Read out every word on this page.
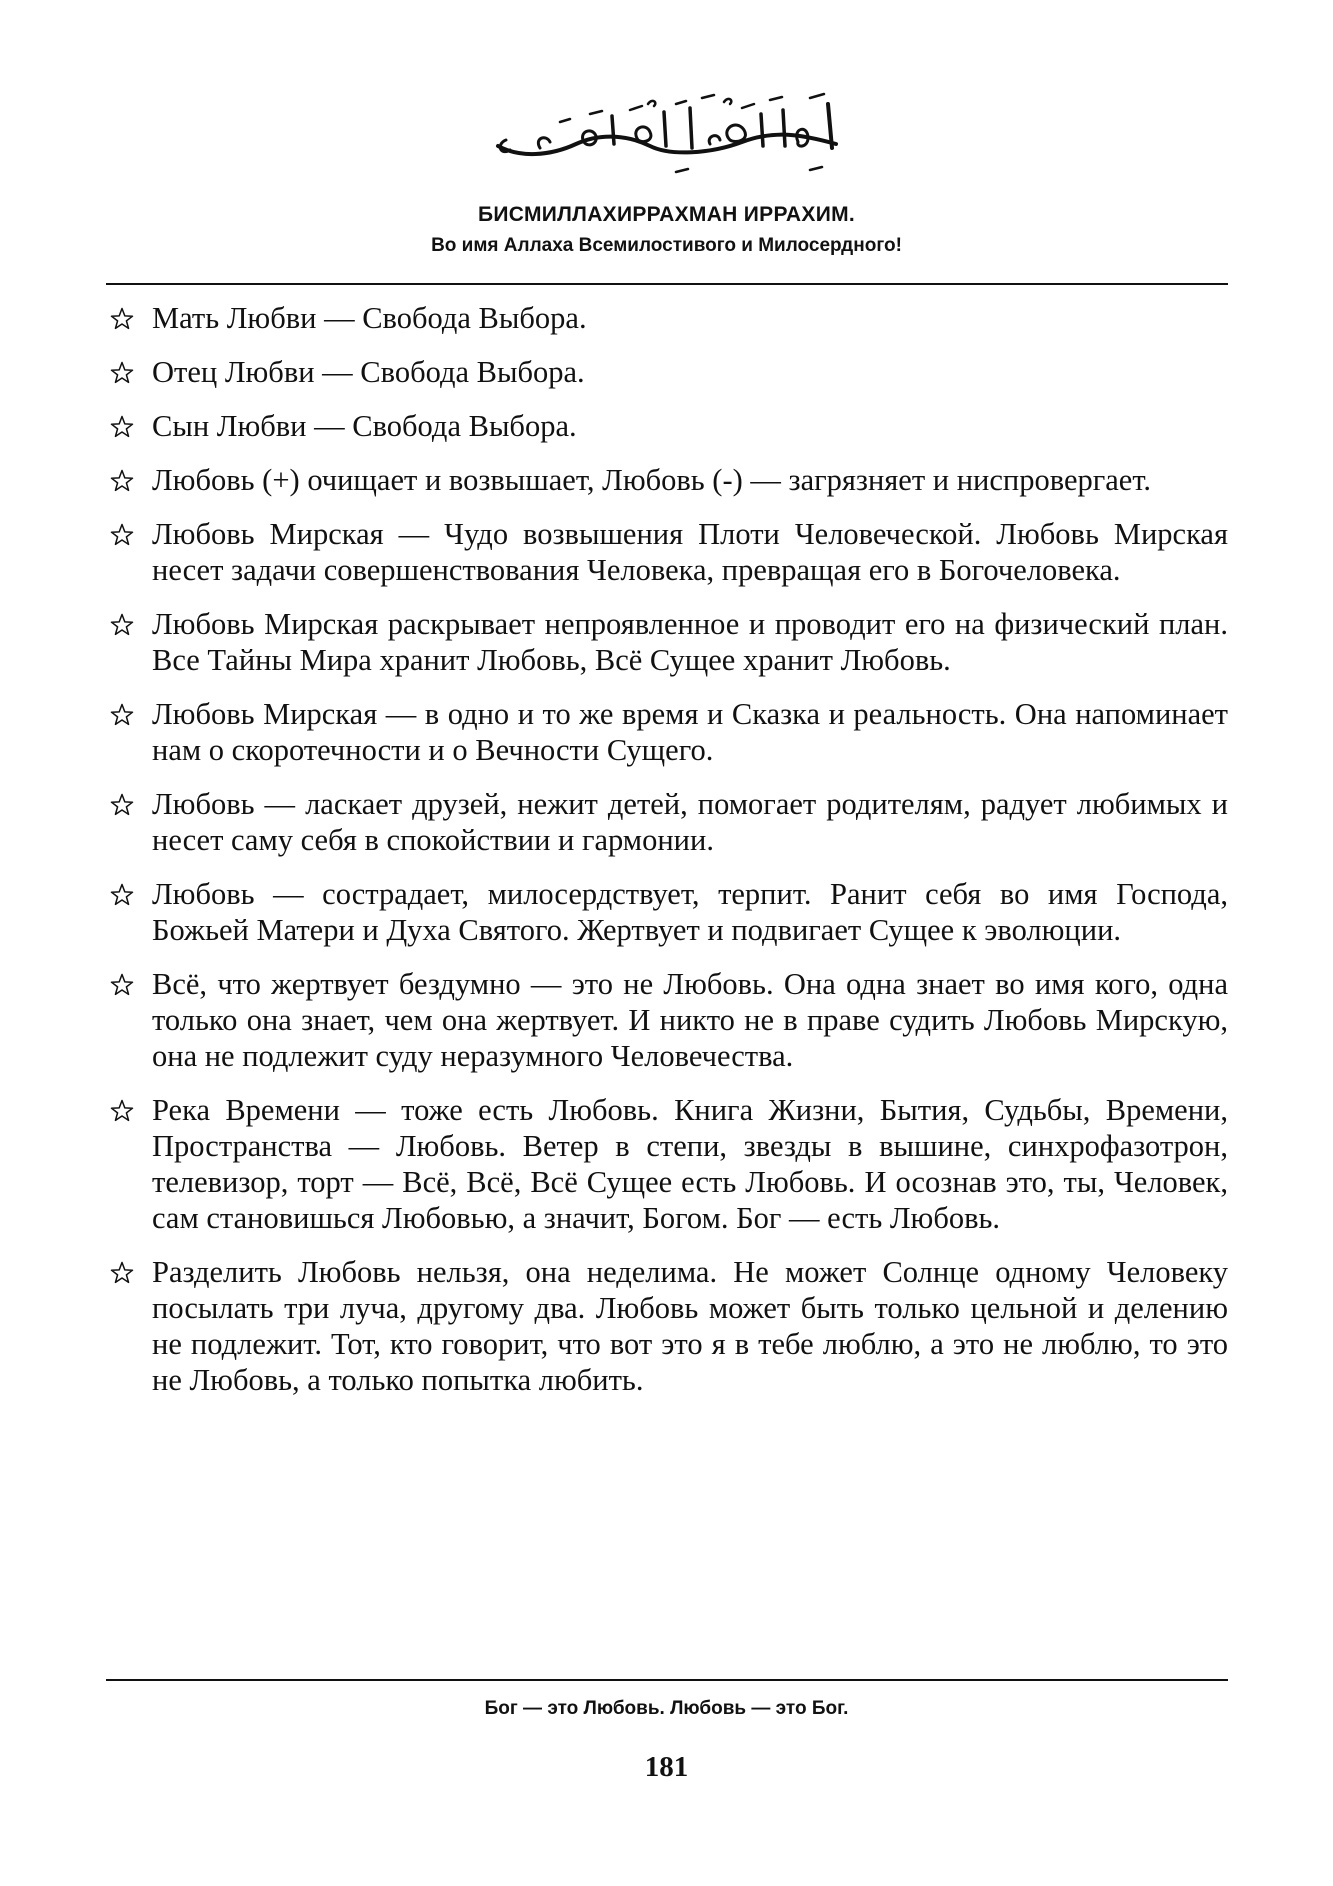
БИСМИЛЛАХИРРАХМАН ИРРАХИМ.
Во имя Аллаха Всемилостивого и Милосердного!
Мать Любви — Свобода Выбора.
Отец Любви — Свобода Выбора.
Сын Любви — Свобода Выбора.
Любовь (+) очищает и возвышает, Любовь (-) — загрязняет и ниспровергает.
Любовь Мирская — Чудо возвышения Плоти Человеческой. Любовь Мирская несет задачи совершенствования Человека, превращая его в Богочеловека.
Любовь Мирская раскрывает непроявленное и проводит его на физический план. Все Тайны Мира хранит Любовь, Всё Сущее хранит Любовь.
Любовь Мирская — в одно и то же время и Сказка и реальность. Она напоминает нам о скоротечности и о Вечности Сущего.
Любовь — ласкает друзей, нежит детей, помогает родителям, радует любимых и несет саму себя в спокойствии и гармонии.
Любовь — сострадает, милосердствует, терпит. Ранит себя во имя Господа, Божьей Матери и Духа Святого. Жертвует и подвигает Сущее к эволюции.
Всё, что жертвует бездумно — это не Любовь. Она одна знает во имя кого, одна только она знает, чем она жертвует. И никто не в праве судить Любовь Мирскую, она не подлежит суду неразумного Человечества.
Река Времени — тоже есть Любовь. Книга Жизни, Бытия, Судьбы, Времени, Пространства — Любовь. Ветер в степи, звезды в вышине, синхрофазотрон, телевизор, торт — Всё, Всё, Всё Сущее есть Любовь. И осознав это, ты, Человек, сам становишься Любовью, а значит, Богом. Бог — есть Любовь.
Разделить Любовь нельзя, она неделима. Не может Солнце одному Человеку посылать три луча, другому два. Любовь может быть только цельной и делению не подлежит. Тот, кто говорит, что вот это я в тебе люблю, а это не люблю, то это не Любовь, а только попытка любить.
Бог — это Любовь. Любовь — это Бог.
181
